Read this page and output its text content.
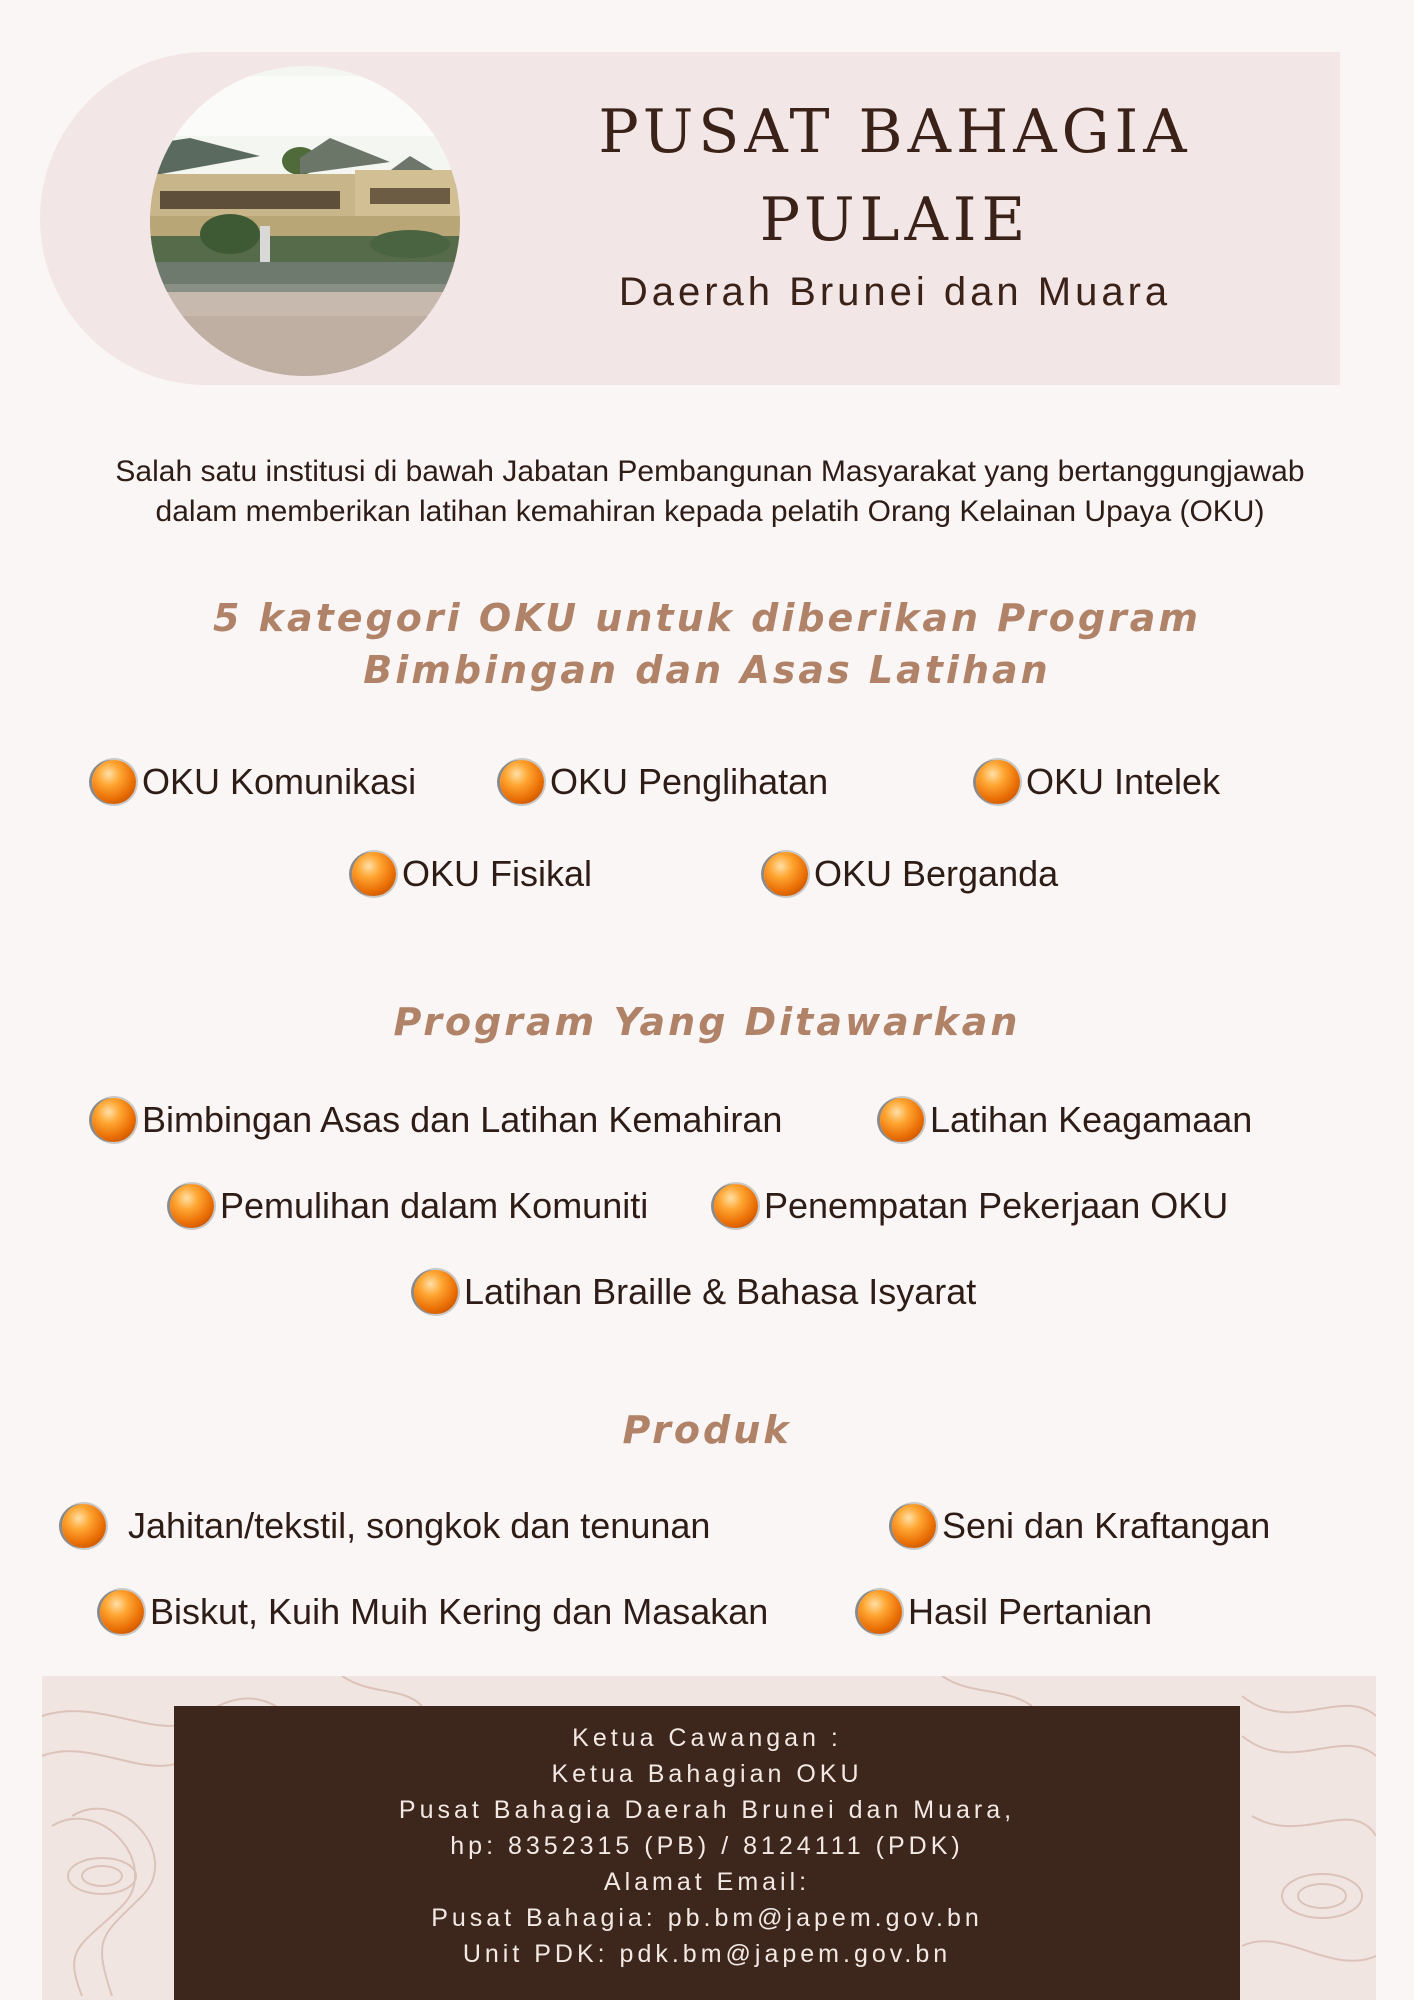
PUSAT BAHAGIA
PULAIE
Daerah Brunei dan Muara
Salah satu institusi di bawah Jabatan Pembangunan Masyarakat yang bertanggungjawab
dalam memberikan latihan kemahiran kepada pelatih Orang Kelainan Upaya (OKU)
5 kategori OKU untuk diberikan Program
Bimbingan dan Asas Latihan
OKU Komunikasi	OKU Penglihatan	OKU Intelek
OKU Fisikal	OKU Berganda
Program Yang Ditawarkan
Bimbingan Asas dan Latihan Kemahiran	Latihan Keagamaan
Pemulihan dalam Komuniti	Penempatan Pekerjaan OKU
Latihan Braille & Bahasa Isyarat
Produk
Jahitan/tekstil, songkok dan tenunan	Seni dan Kraftangan
Biskut, Kuih Muih Kering dan Masakan	Hasil Pertanian
Ketua Cawangan :
Ketua Bahagian OKU
Pusat Bahagia Daerah Brunei dan Muara,
hp: 8352315 (PB) / 8124111 (PDK)
Alamat Email:
Pusat Bahagia: pb.bm@japem.gov.bn
Unit PDK: pdk.bm@japem.gov.bn
